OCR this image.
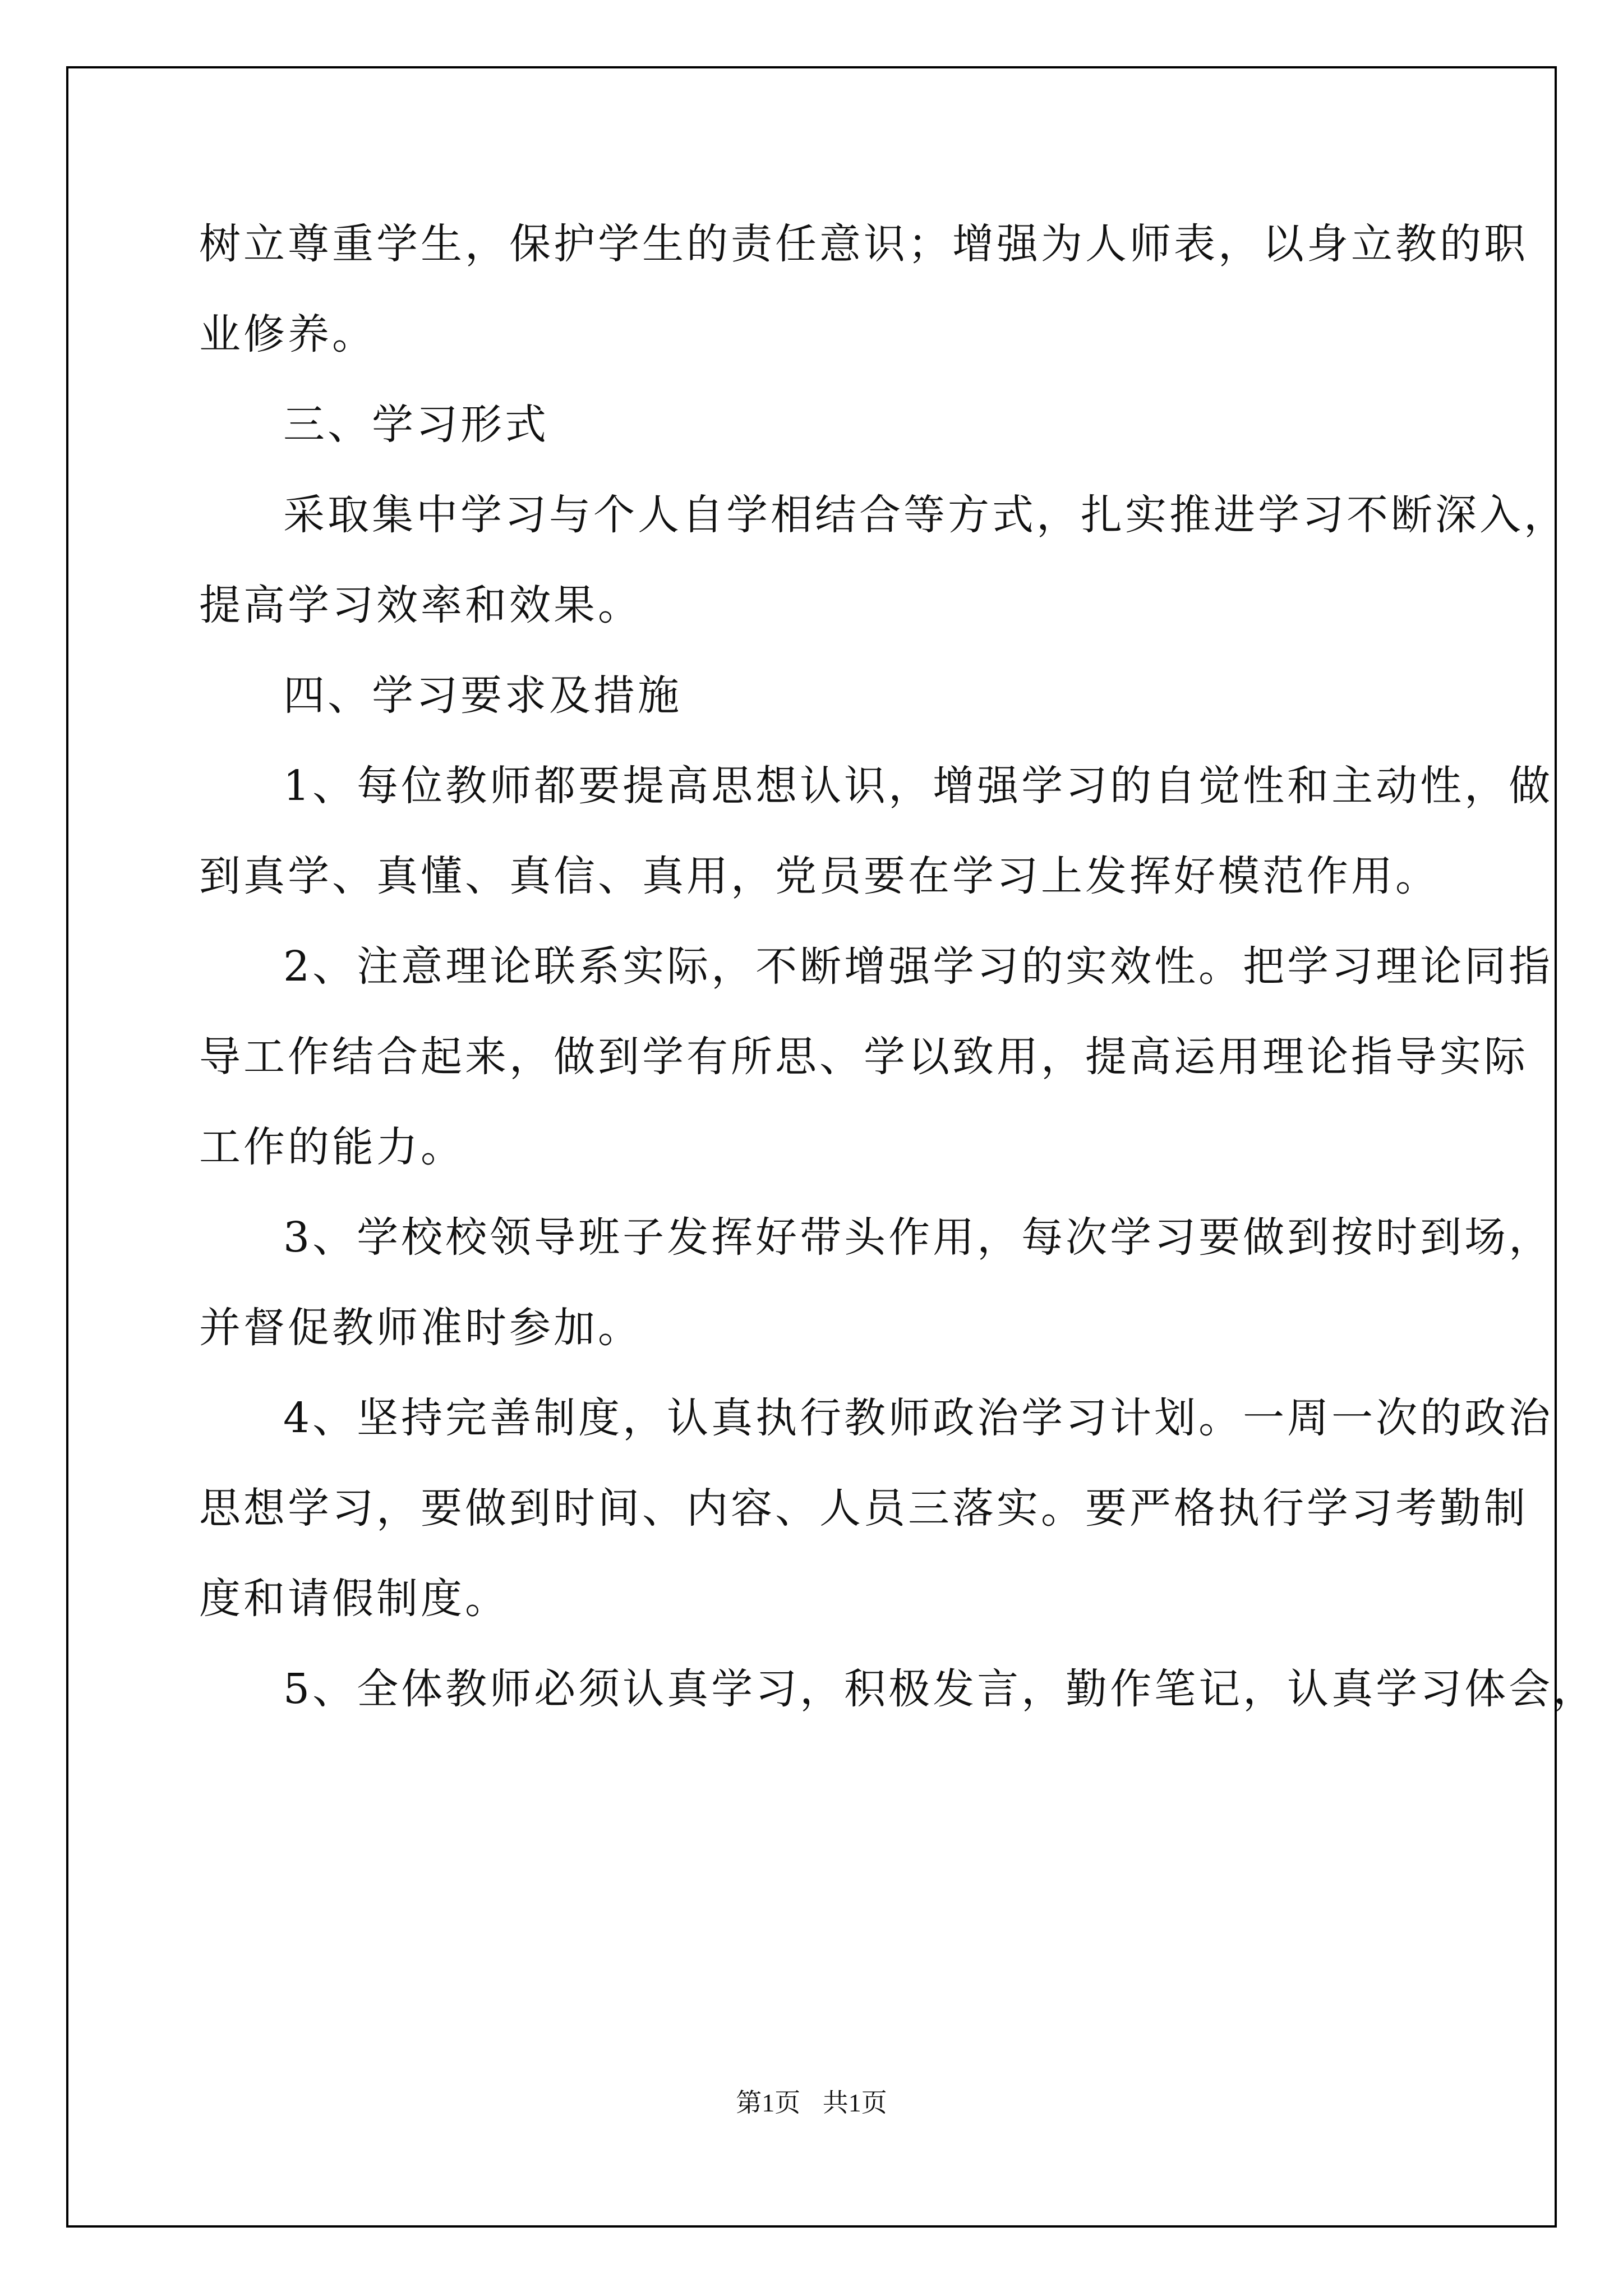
树立尊重学生，保护学生的责任意识；增强为人师表，以身立教的职
业修养。
三、学习形式
采取集中学习与个人自学相结合等方式，扎实推进学习不断深入，
提高学习效率和效果。
四、学习要求及措施
1、每位教师都要提高思想认识，增强学习的自觉性和主动性，做
到真学、真懂、真信、真用，党员要在学习上发挥好模范作用。
2、注意理论联系实际，不断增强学习的实效性。把学习理论同指
导工作结合起来，做到学有所思、学以致用，提高运用理论指导实际
工作的能力。
3、学校校领导班子发挥好带头作用，每次学习要做到按时到场，
并督促教师准时参加。
4、坚持完善制度，认真执行教师政治学习计划。一周一次的政治
思想学习，要做到时间、内容、人员三落实。要严格执行学习考勤制
度和请假制度。
5、全体教师必须认真学习，积极发言，勤作笔记，认真学习体会，
第1页 共1页
